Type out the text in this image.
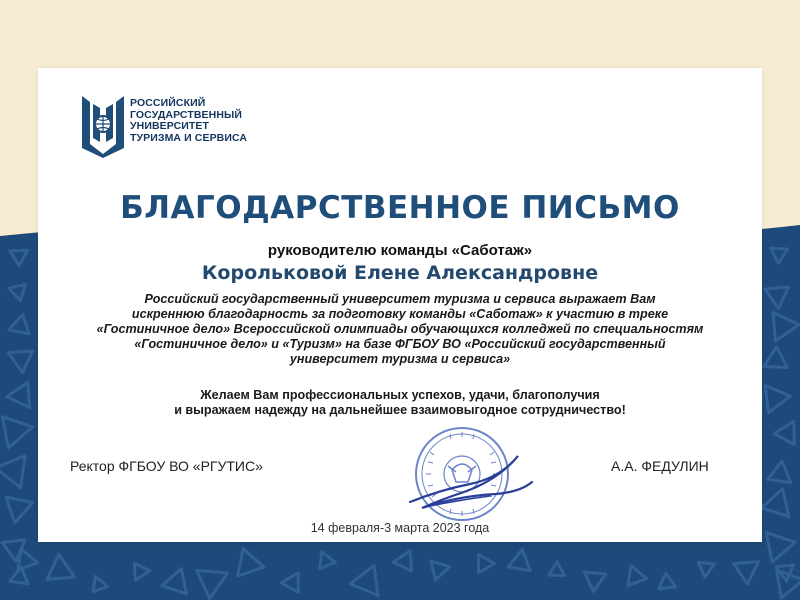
РОССИЙСКИЙ
ГОСУДАРСТВЕННЫЙ
УНИВЕРСИТЕТ
ТУРИЗМА И СЕРВИСА
БЛАГОДАРСТВЕННОЕ ПИСЬМО
руководителю команды «Саботаж»
Корольковой Елене Александровне
Российский государственный университет туризма и сервиса выражает Вам
искреннюю благодарность за подготовку команды «Саботаж» к участию в треке
«Гостиничное дело» Всероссийской олимпиады обучающихся колледжей по специальностям
«Гостиничное дело» и «Туризм» на базе ФГБОУ ВО «Российский государственный
университет туризма и сервиса»
Желаем Вам профессиональных успехов, удачи, благополучия
и выражаем надежду на дальнейшее взаимовыгодное сотрудничество!
Ректор ФГБОУ ВО «РГУТИС»	А.А. ФЕДУЛИН
14 февраля-3 марта 2023 года
